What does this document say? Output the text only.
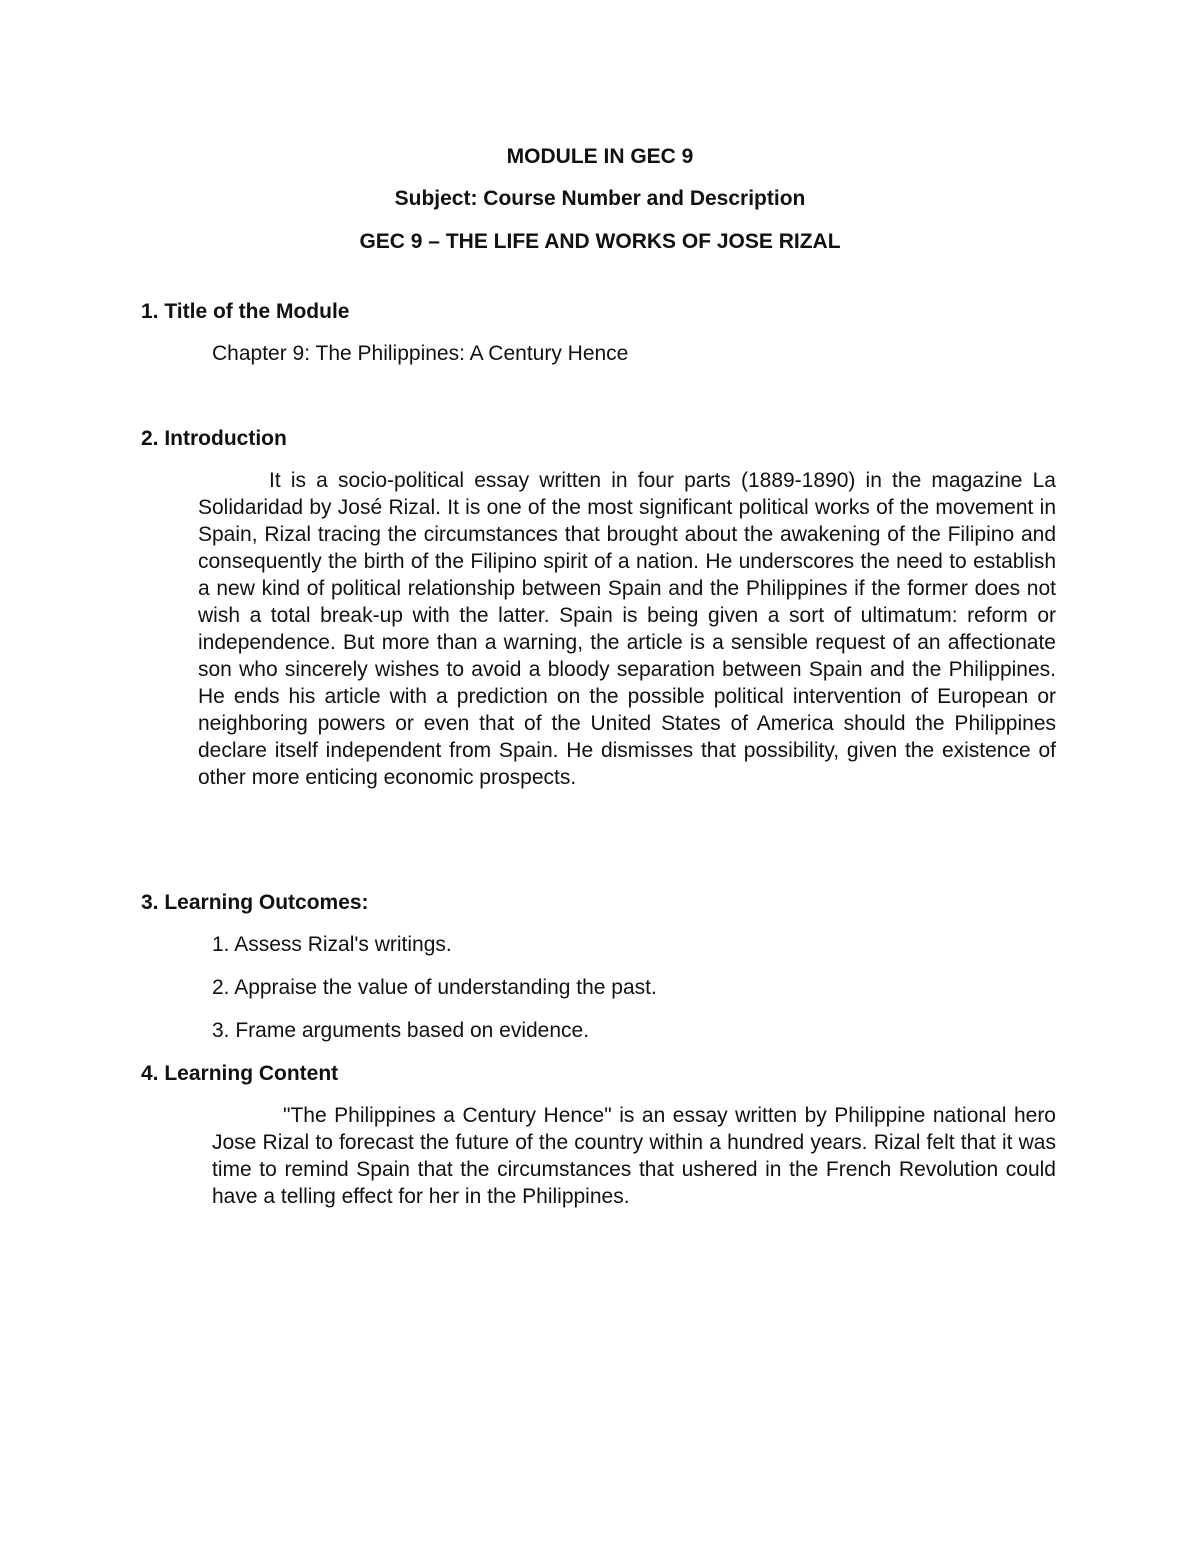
MODULE IN GEC 9
Subject: Course Number and Description
GEC 9 – THE LIFE AND WORKS OF JOSE RIZAL
1. Title of the Module
Chapter 9: The Philippines: A Century Hence
2. Introduction

It is a socio-political essay written in four parts (1889-1890) in the magazine La Solidaridad by José Rizal. It is one of the most significant political works of the movement in Spain, Rizal tracing the circumstances that brought about the awakening of the Filipino and consequently the birth of the Filipino spirit of a nation. He underscores the need to establish a new kind of political relationship between Spain and the Philippines if the former does not wish a total break-up with the latter. Spain is being given a sort of ultimatum: reform or independence. But more than a warning, the article is a sensible request of an affectionate son who sincerely wishes to avoid a bloody separation between Spain and the Philippines. He ends his article with a prediction on the possible political intervention of European or neighboring powers or even that of the United States of America should the Philippines declare itself independent from Spain. He dismisses that possibility, given the existence of other more enticing economic prospects.

3. Learning Outcomes:
1. Assess Rizal's writings.
2. Appraise the value of understanding the past.
3. Frame arguments based on evidence.
4. Learning Content

"The Philippines a Century Hence" is an essay written by Philippine national hero Jose Rizal to forecast the future of the country within a hundred years. Rizal felt that it was time to remind Spain that the circumstances that ushered in the French Revolution could have a telling effect for her in the Philippines.
